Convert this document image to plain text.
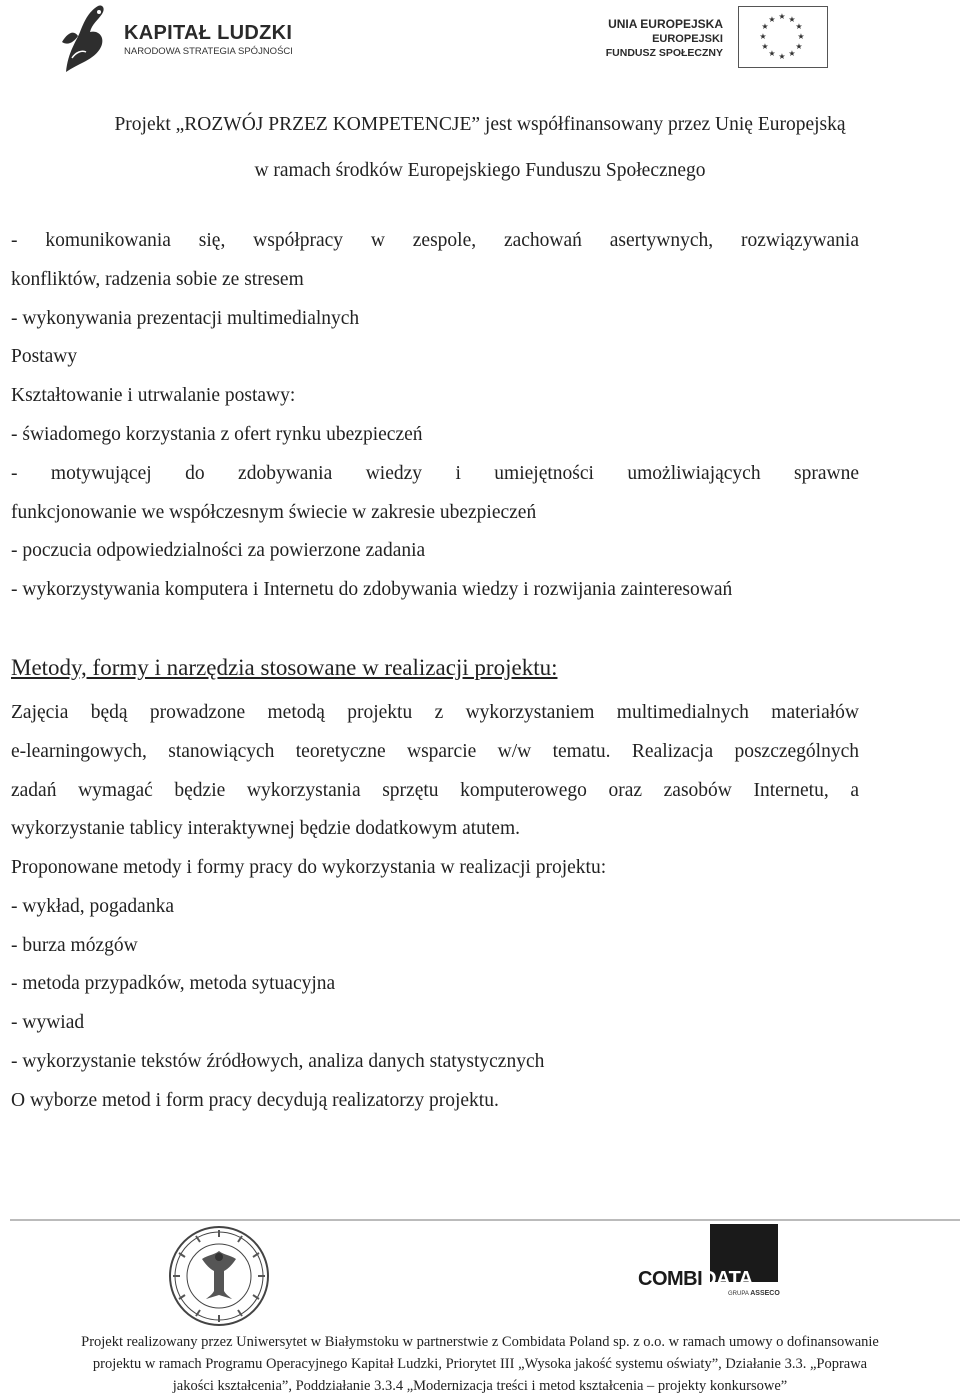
KAPITAŁ LUDZKI
NARODOWA STRATEGIA SPÓJNOŚCI
UNIA EUROPEJSKA
EUROPEJSKI
FUNDUSZ SPOŁECZNY
★ ★
★
★
★
★
★
★
★
★
★
★
Projekt „ROZWÓJ PRZEZ KOMPETENCJE” jest współfinansowany przez Unię Europejską
w ramach środków Europejskiego Funduszu Społecznego
- komunikowania się, współpracy w zespole, zachowań asertywnych, rozwiązywania
konfliktów, radzenia sobie ze stresem
- wykonywania prezentacji multimedialnych
Postawy
Kształtowanie i utrwalanie postawy:
- świadomego korzystania z ofert rynku ubezpieczeń
- motywującej do zdobywania wiedzy i umiejętności umożliwiających sprawne
funkcjonowanie we współczesnym świecie w zakresie ubezpieczeń
- poczucia odpowiedzialności za powierzone zadania
- wykorzystywania komputera i Internetu do zdobywania wiedzy i rozwijania zainteresowań
Metody, formy i narzędzia stosowane w realizacji projektu:
Zajęcia będą prowadzone metodą projektu z wykorzystaniem multimedialnych materiałów
e-learningowych, stanowiących teoretyczne wsparcie w/w tematu. Realizacja poszczególnych
zadań wymagać będzie wykorzystania sprzętu komputerowego oraz zasobów Internetu, a
wykorzystanie tablicy interaktywnej będzie dodatkowym atutem.
Proponowane metody i formy pracy do wykorzystania w realizacji projektu:
- wykład, pogadanka
- burza mózgów
- metoda przypadków, metoda sytuacyjna
- wywiad
- wykorzystanie tekstów źródłowych, analiza danych statystycznych
O wyborze metod i form pracy decydują realizatorzy projektu.
COMBIDATA
GRUPA ASSECO
Projekt realizowany przez Uniwersytet w Białymstoku w partnerstwie z Combidata Poland sp. z o.o. w ramach umowy o dofinansowanie
projektu w ramach Programu Operacyjnego Kapitał Ludzki, Priorytet III „Wysoka jakość systemu oświaty”, Działanie 3.3. „Poprawa
jakości kształcenia”, Poddziałanie 3.3.4 „Modernizacja treści i metod kształcenia – projekty konkursowe”
